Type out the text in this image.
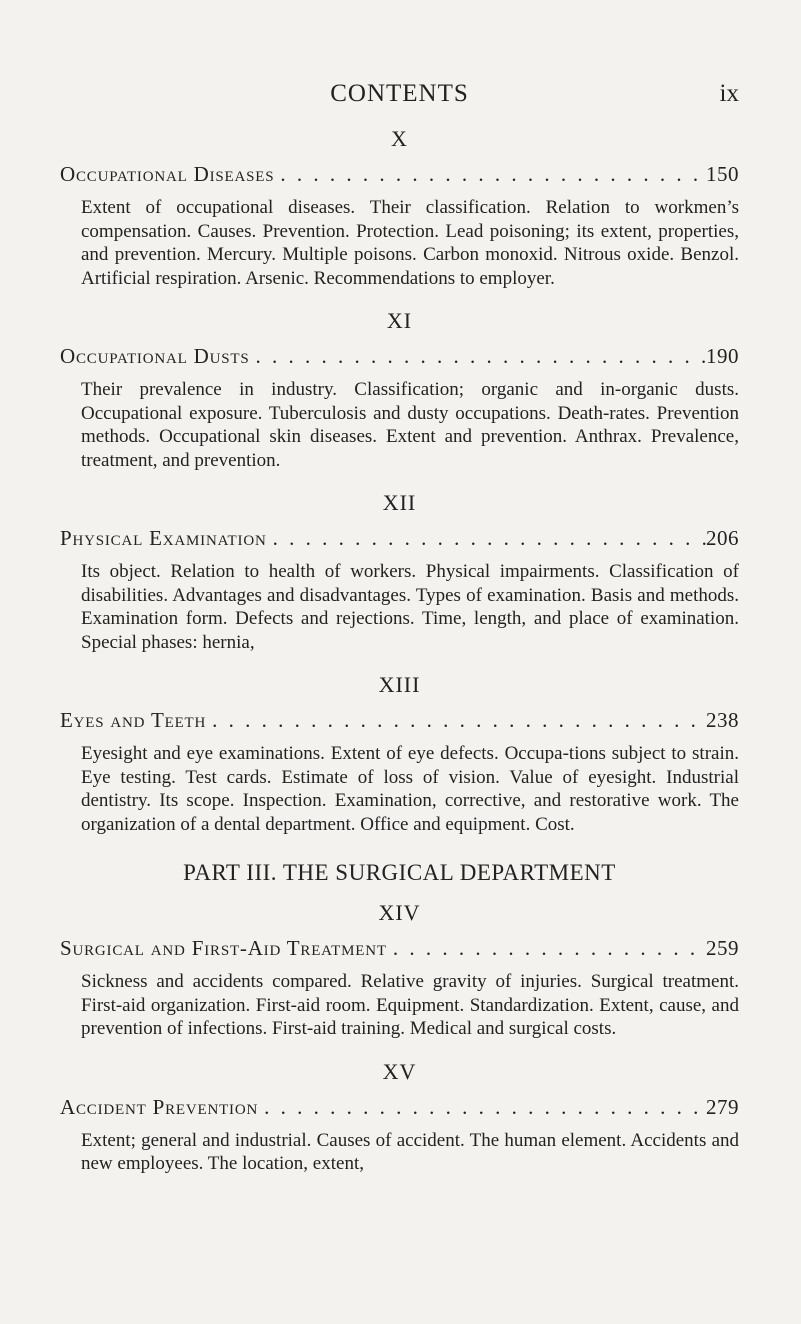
CONTENTS	ix
X
Occupational Diseases . . .	150

Extent of occupational diseases. Their classification. Relation to workmen’s compensation. Causes. Prevention. Protection. Lead poisoning; its extent, properties, and prevention. Mercury. Multiple poisons. Carbon monoxid. Nitrous oxide. Benzol. Artificial respiration. Arsenic. Recommendations to employer.

XI
Occupational Dusts . . .	190

Their prevalence in industry. Classification; organic and in-organic dusts. Occupational exposure. Tuberculosis and dusty occupations. Death-rates. Prevention methods. Occupational skin diseases. Extent and prevention. Anthrax. Prevalence, treatment, and prevention.

XII
Physical Examination . . .	206

Its object. Relation to health of workers. Physical impairments. Classification of disabilities. Advantages and disadvantages. Types of examination. Basis and methods. Examination form. Defects and rejections. Time, length, and place of examination. Special phases: hernia,

XIII
Eyes and Teeth . . .	238

Eyesight and eye examinations. Extent of eye defects. Occupa-tions subject to strain. Eye testing. Test cards. Estimate of loss of vision. Value of eyesight. Industrial dentistry. Its scope. Inspection. Examination, corrective, and restorative work. The organization of a dental department. Office and equipment. Cost.

PART III. THE SURGICAL DEPARTMENT
XIV
Surgical and First-Aid Treatment . . .	259

Sickness and accidents compared. Relative gravity of injuries. Surgical treatment. First-aid organization. First-aid room. Equipment. Standardization. Extent, cause, and prevention of infections. First-aid training. Medical and surgical costs.

XV
Accident Prevention . . .	279

Extent; general and industrial. Causes of accident. The human element. Accidents and new employees. The location, extent,
